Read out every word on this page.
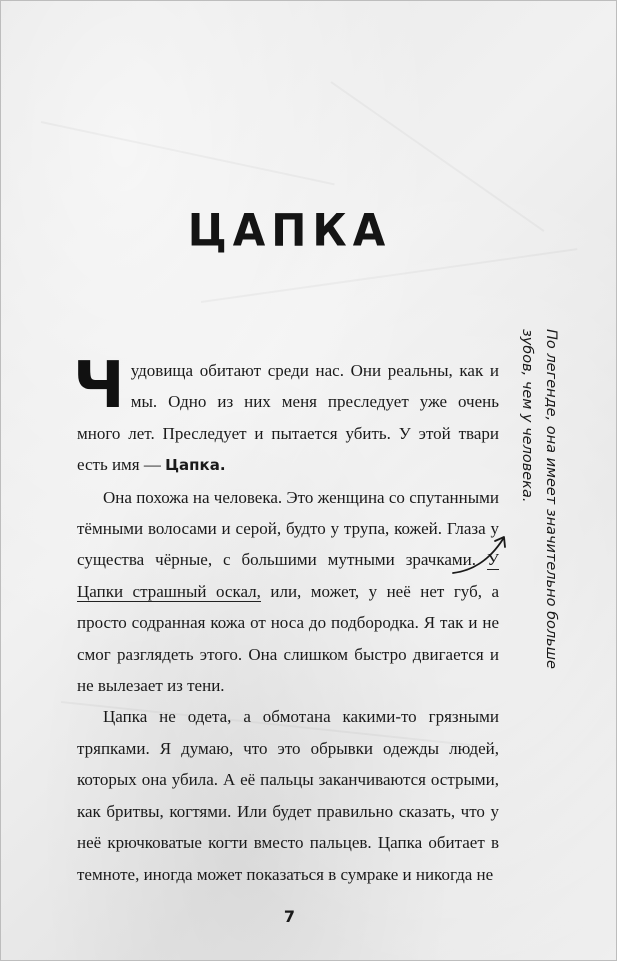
ЦАПКА

Чудовища обитают среди нас. Они реальны, как и мы. Одно из них меня преследует уже очень много лет. Преследует и пытается убить. У этой твари есть имя — Цапка.

Она похожа на человека. Это женщина со спутанными тёмными волосами и серой, будто у трупа, кожей. Глаза у существа чёрные, с большими мутными зрачками. У Цапки страшный оскал, или, может, у неё нет губ, а просто содранная кожа от носа до подбородка. Я так и не смог разглядеть этого. Она слишком быстро двигается и не вылезает из тени.

Цапка не одета, а обмотана какими-то грязными тряпками. Я думаю, что это обрывки одежды людей, которых она убила. А её пальцы заканчиваются острыми, как бритвы, когтями. Или будет правильно сказать, что у неё крючковатые когти вместо пальцев. Цапка обитает в темноте, иногда может показаться в сумраке и никогда не

По легенде, она имеет значительно больше
зубов, чем у человека.
7
